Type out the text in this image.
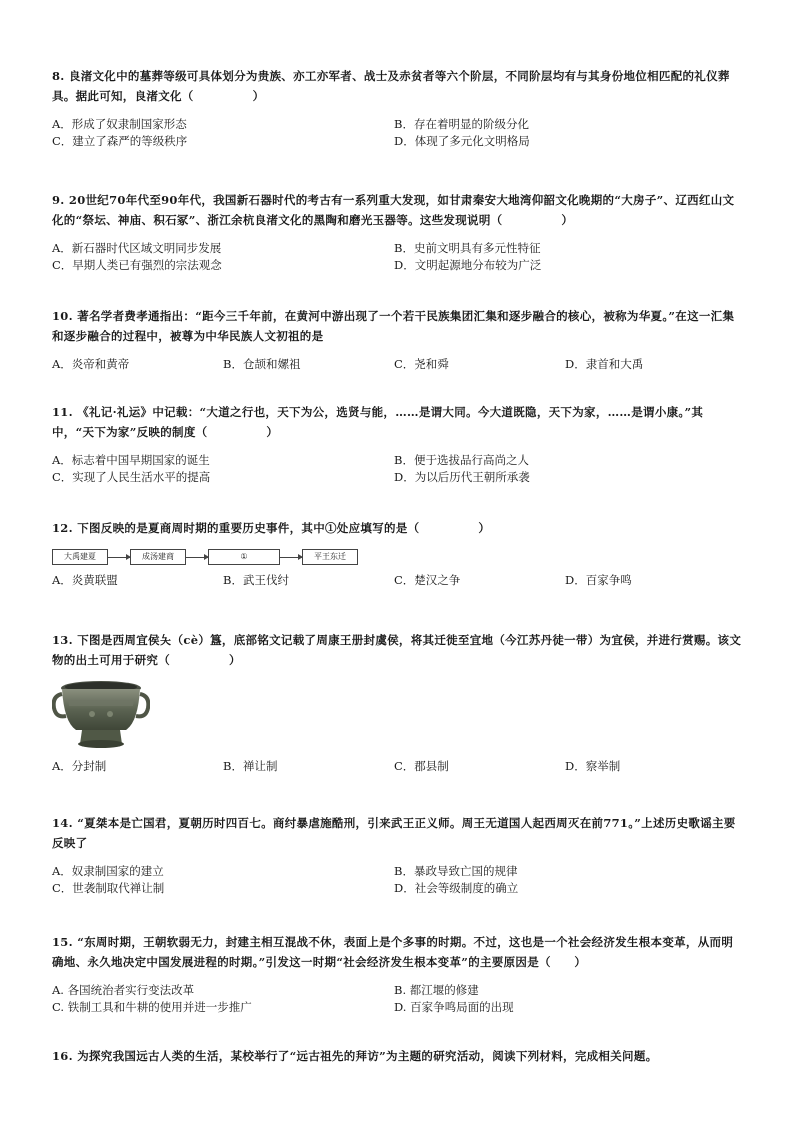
8. 良渚文化中的墓葬等级可具体划分为贵族、亦工亦军者、战士及赤贫者等六个阶层，不同阶层均有与其身份地位相匹配的礼仪葬具。据此可知，良渚文化（　　　　　）
A．形成了奴隶制国家形态	B．存在着明显的阶级分化
C．建立了森严的等级秩序	D．体现了多元化文明格局
9. 20世纪70年代至90年代，我国新石器时代的考古有一系列重大发现，如甘肃秦安大地湾仰韶文化晚期的“大房子”、辽西红山文化的“祭坛、神庙、积石冢”、浙江余杭良渚文化的黑陶和磨光玉器等。这些发现说明（　　　　　）
A．新石器时代区域文明同步发展	B．史前文明具有多元性特征
C．早期人类已有强烈的宗法观念	D．文明起源地分布较为广泛
10. 著名学者费孝通指出：“距今三千年前，在黄河中游出现了一个若干民族集团汇集和逐步融合的核心，被称为华夏。”在这一汇集和逐步融合的过程中，被尊为中华民族人文初祖的是
A．炎帝和黄帝	B．仓颉和嫘祖	C．尧和舜	D．隶首和大禹
11. 《礼记·礼运》中记载：“大道之行也，天下为公，选贤与能，……是谓大同。今大道既隐，天下为家，……是谓小康。”其中，“天下为家”反映的制度（　　　　　）
A．标志着中国早期国家的诞生	B．便于选拔品行高尚之人
C．实现了人民生活水平的提高	D．为以后历代王朝所承袭
12. 下图反映的是夏商周时期的重要历史事件，其中①处应填写的是（　　　　　）
大禹建夏	成汤建商	①	平王东迁
A．炎黄联盟	B．武王伐纣	C．楚汉之争	D．百家争鸣
13. 下图是西周宜侯夨（cè）簋，底部铭文记载了周康王册封虞侯，将其迁徙至宜地（今江苏丹徒一带）为宜侯，并进行赏赐。该文物的出土可用于研究（　　　　　）
A．分封制	B．禅让制	C．郡县制	D．察举制
14. “夏桀本是亡国君，夏朝历时四百七。商纣暴虐施酷刑，引来武王正义师。周王无道国人起西周灭在前771。”上述历史歌谣主要反映了
A．奴隶制国家的建立	B．暴政导致亡国的规律
C．世袭制取代禅让制	D．社会等级制度的确立
15. “东周时期，王朝软弱无力，封建主相互混战不休，表面上是个多事的时期。不过，这也是一个社会经济发生根本变革，从而明确地、永久地决定中国发展进程的时期。”引发这一时期“社会经济发生根本变革”的主要原因是（　　）
A. 各国统治者实行变法改革	B. 都江堰的修建
C. 铁制工具和牛耕的使用并进一步推广	D. 百家争鸣局面的出现
16. 为探究我国远古人类的生活，某校举行了“远古祖先的拜访”为主题的研究活动，阅读下列材料，完成相关问题。
